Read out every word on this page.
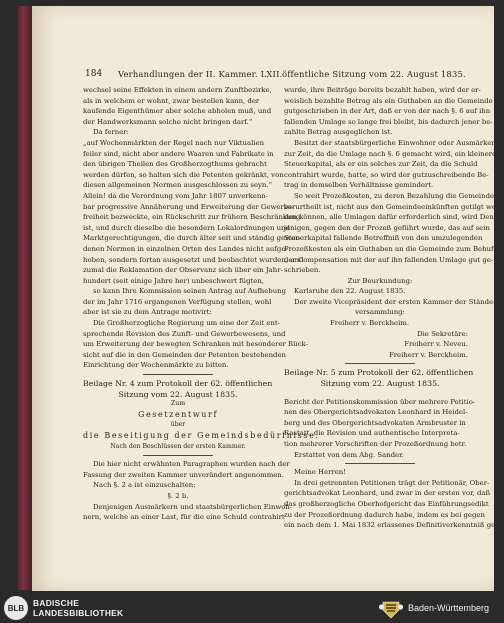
184 Verhandlungen der II. Kammer. LXII. öffentliche Sitzung vom 22. August 1835.
wechsel seine Effekten in einem andern Zunftbezirke,
als in welchem er wohnt, zwar bestellen kann, der
kaufende Eigenthümer aber solche abholen muß, und
der Handwerksmann solche nicht bringen darf.“
Da ferner:
„auf Wochenmärkten der Regel nach nur Viktualien
feiler sind, nicht aber andere Waaren und Fabrikate in
den übrigen Theilen des Großherzogthums gebracht
werden dürfen, so halten sich die Petenten gekränkt, von
diesen allgemeinen Normen ausgeschlossen zu seyn.“
Allein! da die Verordnung vom Jahr 1807 unverkenn-
bar progressive Annäherung und Erweiterung der Gewerbs-
freiheit bezweckte, ein Rückschritt zur frühern Beschränkung
ist, und durch dieselbe die besondern Lokalordnungen und
Marktgerechtigungen, die durch älter seit und ständig gewor-
denen Normen in einzelnen Orten des Landes nicht aufge-
hoben, sondern fortan ausgesetzt und beobachtet wurden, und
zumal die Reklamation der Observanz sich über ein Jahr-
hundert (seit einige Jahre her) unbeschwert fügten,
so kann Ihre Kommission seinen Antrag auf Aufhebung
der im Jahr 1716 ergangenen Verfügung stellen, wohl
aber ist sie zu dem Antrage motivirt:
Die Großherzogliche Regierung um eine der Zeit ent-
sprechende Revision des Zunft- und Gewerbewesens, und
um Erweiterung der bewegten Schranken mit besonderer Rück-
sicht auf die in den Gemeinden der Petenten bestehenden
Einrichtung der Wochenmärkte zu bitten.
Beilage Nr. 4 zum Protokoll der 62. öffentlichen
Sitzung vom 22. August 1835.
Zum
Gesetzentwurf
über
die Beseitigung der Gemeindsbedürfnisse.
Nach den Beschlüssen der ersten Kammer.
Die hier nicht erwähnten Paragraphen wurden nach der
Fassung der zweiten Kammer unverändert angenommen.
Nach §. 2 a ist einzuschalten:
§. 2 b.
Denjenigen Ausmärkern und staatsbürgerlichen Einwoh-
nern, welche an einer Last, für die eine Schuld contrahirt
wurde, ihre Beiträge bereits bezahlt haben, wird der er-
weislich bezahlte Betrag als ein Guthaben an die Gemeinde
gutgeschrieben in der Art, daß er von der nach §. 6 auf ihn
fallenden Umlage so lange frei bleibt, bis dadurch jener be-
zahlte Betrag ausgeglichen ist.
Besitzt der staatsbürgerliche Einwohner oder Ausmärker
zur Zeit, da die Umlage nach §. 6 gemacht wird, ein kleineres
Steuerkapital, als er ein solches zur Zeit, da die Schuld
contrahirt wurde, hatte, so wird der gutzuschreibende Be-
trag in demselben Verhältnisse gemindert.
So weit Prozeßkosten, zu deren Bezahlung die Gemeinde
verurtheilt ist, nicht aus den Gemeindeeinkünften getilgt wer-
den können, alle Umlagen dafür erforderlich sind, wird Den-
jenigen, gegen den der Prozeß geführt wurde, das auf sein
Steuerkapital fallende Betreffniß von den umzulegenden
Prozeßkosten als ein Guthaben an die Gemeinde zum Behufe
der Compensation mit der auf ihn fallenden Umlage gut ge-
schrieben.
Zur Beurkundung:
Karlsruhe den 22. August 1835.
Der zweite Vicepräsident der ersten Kammer der Stände-
versammlung:
Freiherr v. Berckheim.
Die Sekretäre:
Freiherr v. Neveu.
Freiherr v. Berckheim.
Beilage Nr. 5 zum Protokoll der 62. öffentlichen
Sitzung vom 22. August 1835.
Bericht der Petitionskommission über mehrere Petitio-
nen des Obergerichtsadvokaten Leonhard in Heidel-
berg und des Obergerichtsadvokaten Armbruster in
Rastatt, die Revision und authentische Interpreta-
tion mehrerer Vorschriften der Prozeßordnung betr.
Erstattet von dem Abg. Sander.
Meine Herren!
In drei getrennten Petitionen trägt der Petitionär, Ober-
gerichtsadvokat Leonhard, und zwar in der ersten vor, daß
das großherzogliche Oberhofgericht das Einführungsedikt
zu der Prozeßordnung dadurch habe, indem es bei gegen
ein nach dem 1. Mai 1832 erlassenes Definitiverkenntniß ge-
BLB	BADISCHE
LANDESBIBLIOTHEK	Baden-Württemberg
